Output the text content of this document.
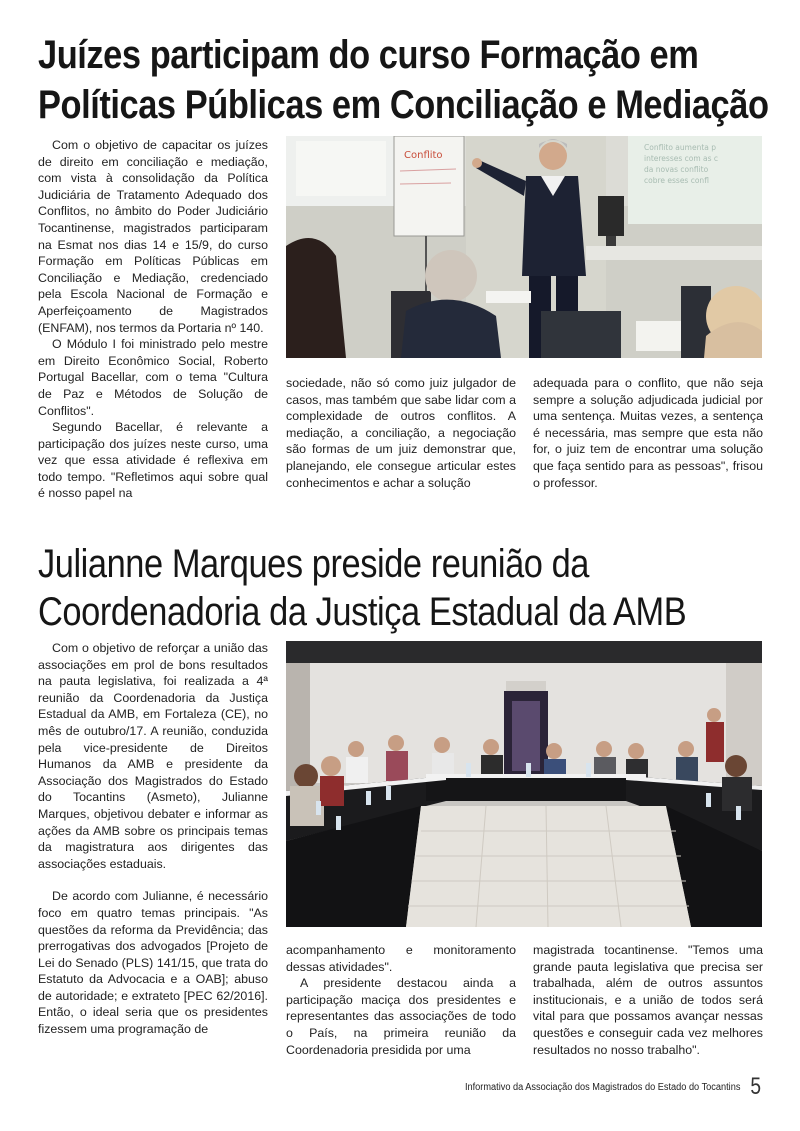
Juízes participam do curso Formação em
Políticas Públicas em Conciliação e Mediação

Com o objetivo de capacitar os juízes de direito em conciliação e mediação, com vista à consolidação da Política Judiciária de Tratamento Adequado dos Conflitos, no âmbito do Poder Judiciário Tocantinense, magistrados participaram na Esmat nos dias 14 e 15/9, do curso Formação em Políticas Públicas em Conciliação e Mediação, credenciado pela Escola Nacional de Formação e Aperfeiçoamento de Magistrados (ENFAM), nos termos da Portaria nº 140.

O Módulo I foi ministrado pelo mestre em Direito Econômico Social, Roberto Portugal Bacellar, com o tema "Cultura de Paz e Métodos de Solução de Conflitos".

Segundo Bacellar, é relevante a participação dos juízes neste curso, uma vez que essa atividade é reflexiva em todo tempo. "Refletimos aqui sobre qual é nosso papel na

Conflito
Conflito aumenta p
interesses com as c
da novas conflito
cobre esses confl

sociedade, não só como juiz julgador de casos, mas também que sabe lidar com a complexidade de outros conflitos. A mediação, a conciliação, a negociação são formas de um juiz demonstrar que, planejando, ele consegue articular estes conhecimentos e achar a solução

adequada para o conflito, que não seja sempre a solução adjudicada judicial por uma sentença. Muitas vezes, a sentença é necessária, mas sempre que esta não for, o juiz tem de encontrar uma solução que faça sentido para as pessoas", frisou o professor.

Julianne Marques preside reunião da
Coordenadoria da Justiça Estadual da AMB

Com o objetivo de reforçar a união das associações em prol de bons resultados na pauta legislativa, foi realizada a 4ª reunião da Coordenadoria da Justiça Estadual da AMB, em Fortaleza (CE), no mês de outubro/17. A reunião, conduzida pela vice-presidente de Direitos Humanos da AMB e presidente da Associação dos Magistrados do Estado do Tocantins (Asmeto), Julianne Marques, objetivou debater e informar as ações da AMB sobre os principais temas da magistratura aos dirigentes das associações estaduais.

De acordo com Julianne, é necessário foco em quatro temas principais. "As questões da reforma da Previdência; das prerrogativas dos advogados [Projeto de Lei do Senado (PLS) 141/15, que trata do Estatuto da Advocacia e a OAB]; abuso de autoridade; e extrateto [PEC 62/2016]. Então, o ideal seria que os presidentes fizessem uma programação de

acompanhamento e monitoramento dessas atividades".

A presidente destacou ainda a participação maciça dos presidentes e representantes das associações de todo o País, na primeira reunião da Coordenadoria presidida por uma

magistrada tocantinense. "Temos uma grande pauta legislativa que precisa ser trabalhada, além de outros assuntos institucionais, e a união de todos será vital para que possamos avançar nessas questões e conseguir cada vez melhores resultados no nosso trabalho".

Informativo da Associação dos Magistrados do Estado do Tocantins 5
